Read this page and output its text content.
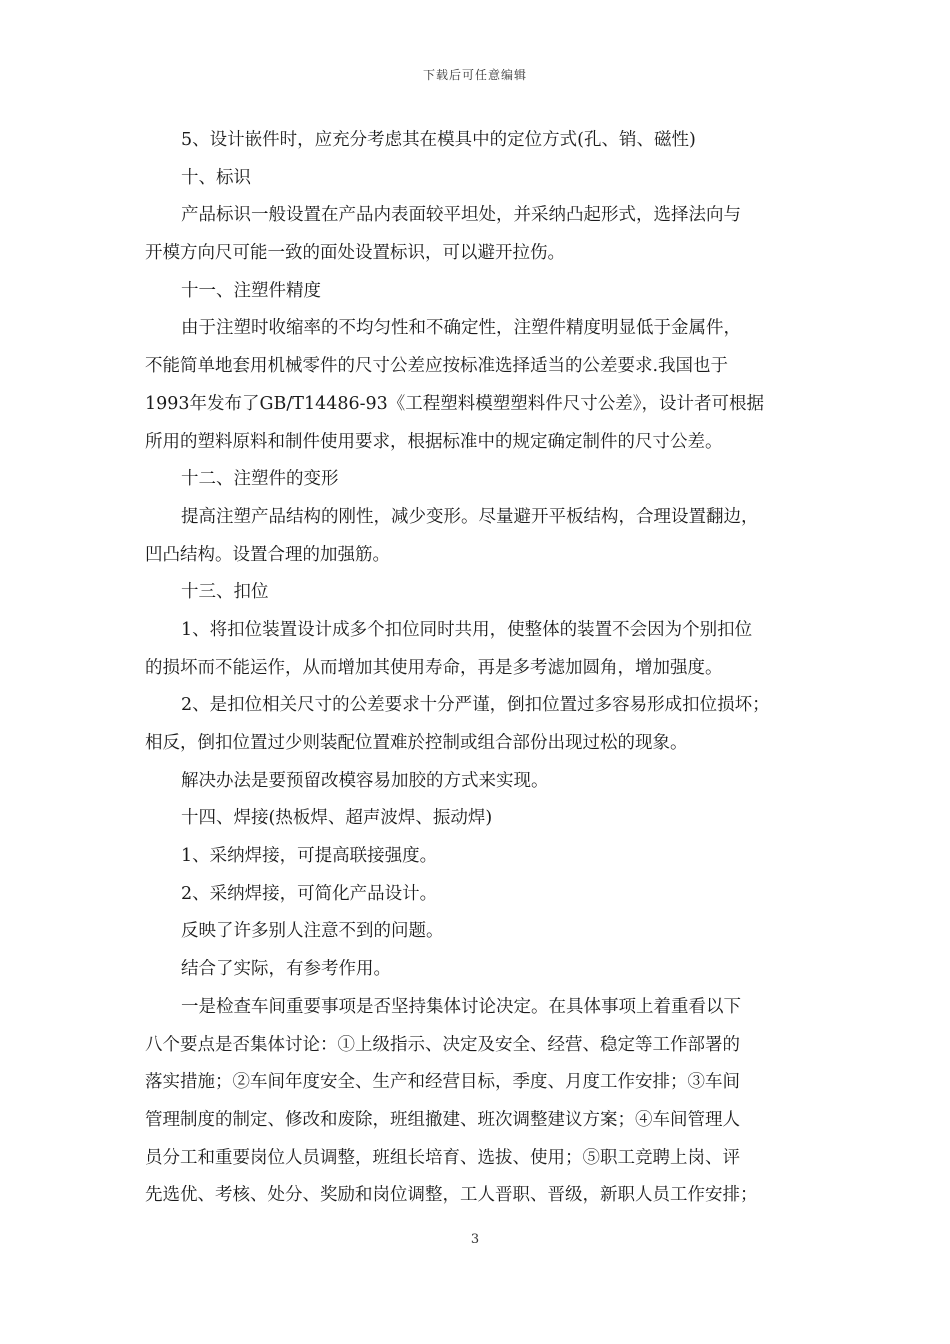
下载后可任意编辑
5、设计嵌件时，应充分考虑其在模具中的定位方式(孔、销、磁性)
十、标识
产品标识一般设置在产品内表面较平坦处，并采纳凸起形式，选择法向与
开模方向尺可能一致的面处设置标识，可以避开拉伤。
十一、注塑件精度
由于注塑时收缩率的不均匀性和不确定性，注塑件精度明显低于金属件，
不能简单地套用机械零件的尺寸公差应按标准选择适当的公差要求.我国也于
1993年发布了GB/T14486-93《工程塑料模塑塑料件尺寸公差》，设计者可根据
所用的塑料原料和制件使用要求，根据标准中的规定确定制件的尺寸公差。
十二、注塑件的变形
提高注塑产品结构的刚性，减少变形。尽量避开平板结构，合理设置翻边，
凹凸结构。设置合理的加强筋。
十三、扣位
1、将扣位装置设计成多个扣位同时共用，使整体的装置不会因为个别扣位
的损坏而不能运作，从而增加其使用寿命，再是多考滤加圆角，增加强度。
2、是扣位相关尺寸的公差要求十分严谨，倒扣位置过多容易形成扣位损坏；
相反，倒扣位置过少则装配位置难於控制或组合部份出现过松的现象。
解决办法是要预留改模容易加胶的方式来实现。
十四、焊接(热板焊、超声波焊、振动焊)
1、采纳焊接，可提高联接强度。
2、采纳焊接，可简化产品设计。
反映了许多别人注意不到的问题。
结合了实际，有参考作用。
一是检查车间重要事项是否坚持集体讨论决定。在具体事项上着重看以下
八个要点是否集体讨论：①上级指示、决定及安全、经营、稳定等工作部署的
落实措施；②车间年度安全、生产和经营目标，季度、月度工作安排；③车间
管理制度的制定、修改和废除，班组撤建、班次调整建议方案；④车间管理人
员分工和重要岗位人员调整，班组长培育、选拔、使用；⑤职工竞聘上岗、评
先选优、考核、处分、奖励和岗位调整，工人晋职、晋级，新职人员工作安排；
3
